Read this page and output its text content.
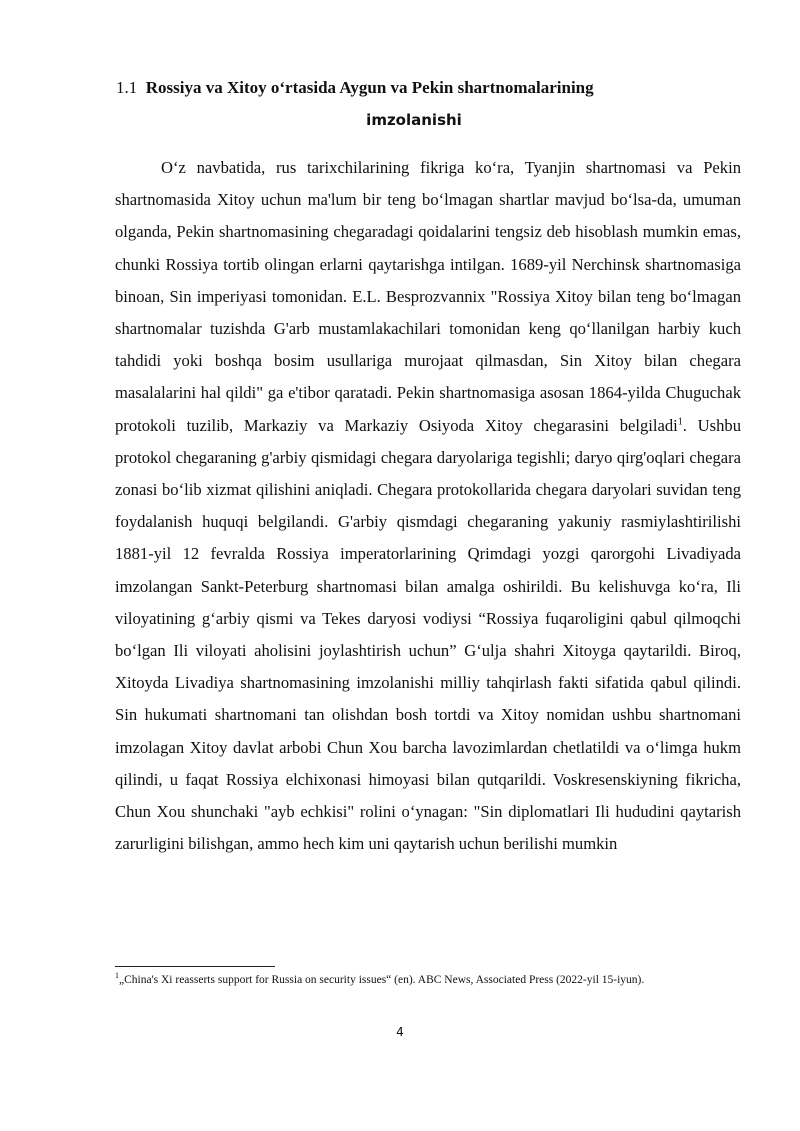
1.1 Rossiya va Xitoy o‘rtasida Aygun va Pekin shartnomalarining
imzolanishi

O‘z navbatida, rus tarixchilarining fikriga ko‘ra, Tyanjin shartnomasi va Pekin shartnomasida Xitoy uchun ma'lum bir teng bo‘lmagan shartlar mavjud bo‘lsa-da, umuman olganda, Pekin shartnomasining chegaradagi qoidalarini tengsiz deb hisoblash mumkin emas, chunki Rossiya tortib olingan erlarni qaytarishga intilgan. 1689-yil Nerchinsk shartnomasiga binoan, Sin imperiyasi tomonidan. E.L. Besprozvannix "Rossiya Xitoy bilan teng bo‘lmagan shartnomalar tuzishda G'arb mustamlakachilari tomonidan keng qo‘llanilgan harbiy kuch tahdidi yoki boshqa bosim usullariga murojaat qilmasdan, Sin Xitoy bilan chegara masalalarini hal qildi" ga e'tibor qaratadi. Pekin shartnomasiga asosan 1864-yilda Chuguchak protokoli tuzilib, Markaziy va Markaziy Osiyoda Xitoy chegarasini belgiladi$^1$. Ushbu protokol chegaraning g'arbiy qismidagi chegara daryolariga tegishli; daryo qirg'oqlari chegara zonasi bo‘lib xizmat qilishini aniqladi. Chegara protokollarida chegara daryolari suvidan teng foydalanish huquqi belgilandi. G'arbiy qismdagi chegaraning yakuniy rasmiylashtirilishi 1881-yil 12 fevralda Rossiya imperatorlarining Qrimdagi yozgi qarorgohi Livadiyada imzolangan Sankt-Peterburg shartnomasi bilan amalga oshirildi. Bu kelishuvga ko‘ra, Ili viloyatining g‘arbiy qismi va Tekes daryosi vodiysi “Rossiya fuqaroligini qabul qilmoqchi bo‘lgan Ili viloyati aholisini joylashtirish uchun” G‘ulja shahri Xitoyga qaytarildi. Biroq, Xitoyda Livadiya shartnomasining imzolanishi milliy tahqirlash fakti sifatida qabul qilindi. Sin hukumati shartnomani tan olishdan bosh tortdi va Xitoy nomidan ushbu shartnomani imzolagan Xitoy davlat arbobi Chun Xou barcha lavozimlardan chetlatildi va o‘limga hukm qilindi, u faqat Rossiya elchixonasi himoyasi bilan qutqarildi. Voskresenskiyning fikricha, Chun Xou shunchaki "ayb echkisi" rolini o‘ynagan: "Sin diplomatlari Ili hududini qaytarish zarurligini bilishgan, ammo hech kim uni qaytarish uchun berilishi mumkin

$^1$„China's Xi reasserts support for Russia on security issues“ (en). ABC News, Associated Press (2022-yil 15-iyun).
4
